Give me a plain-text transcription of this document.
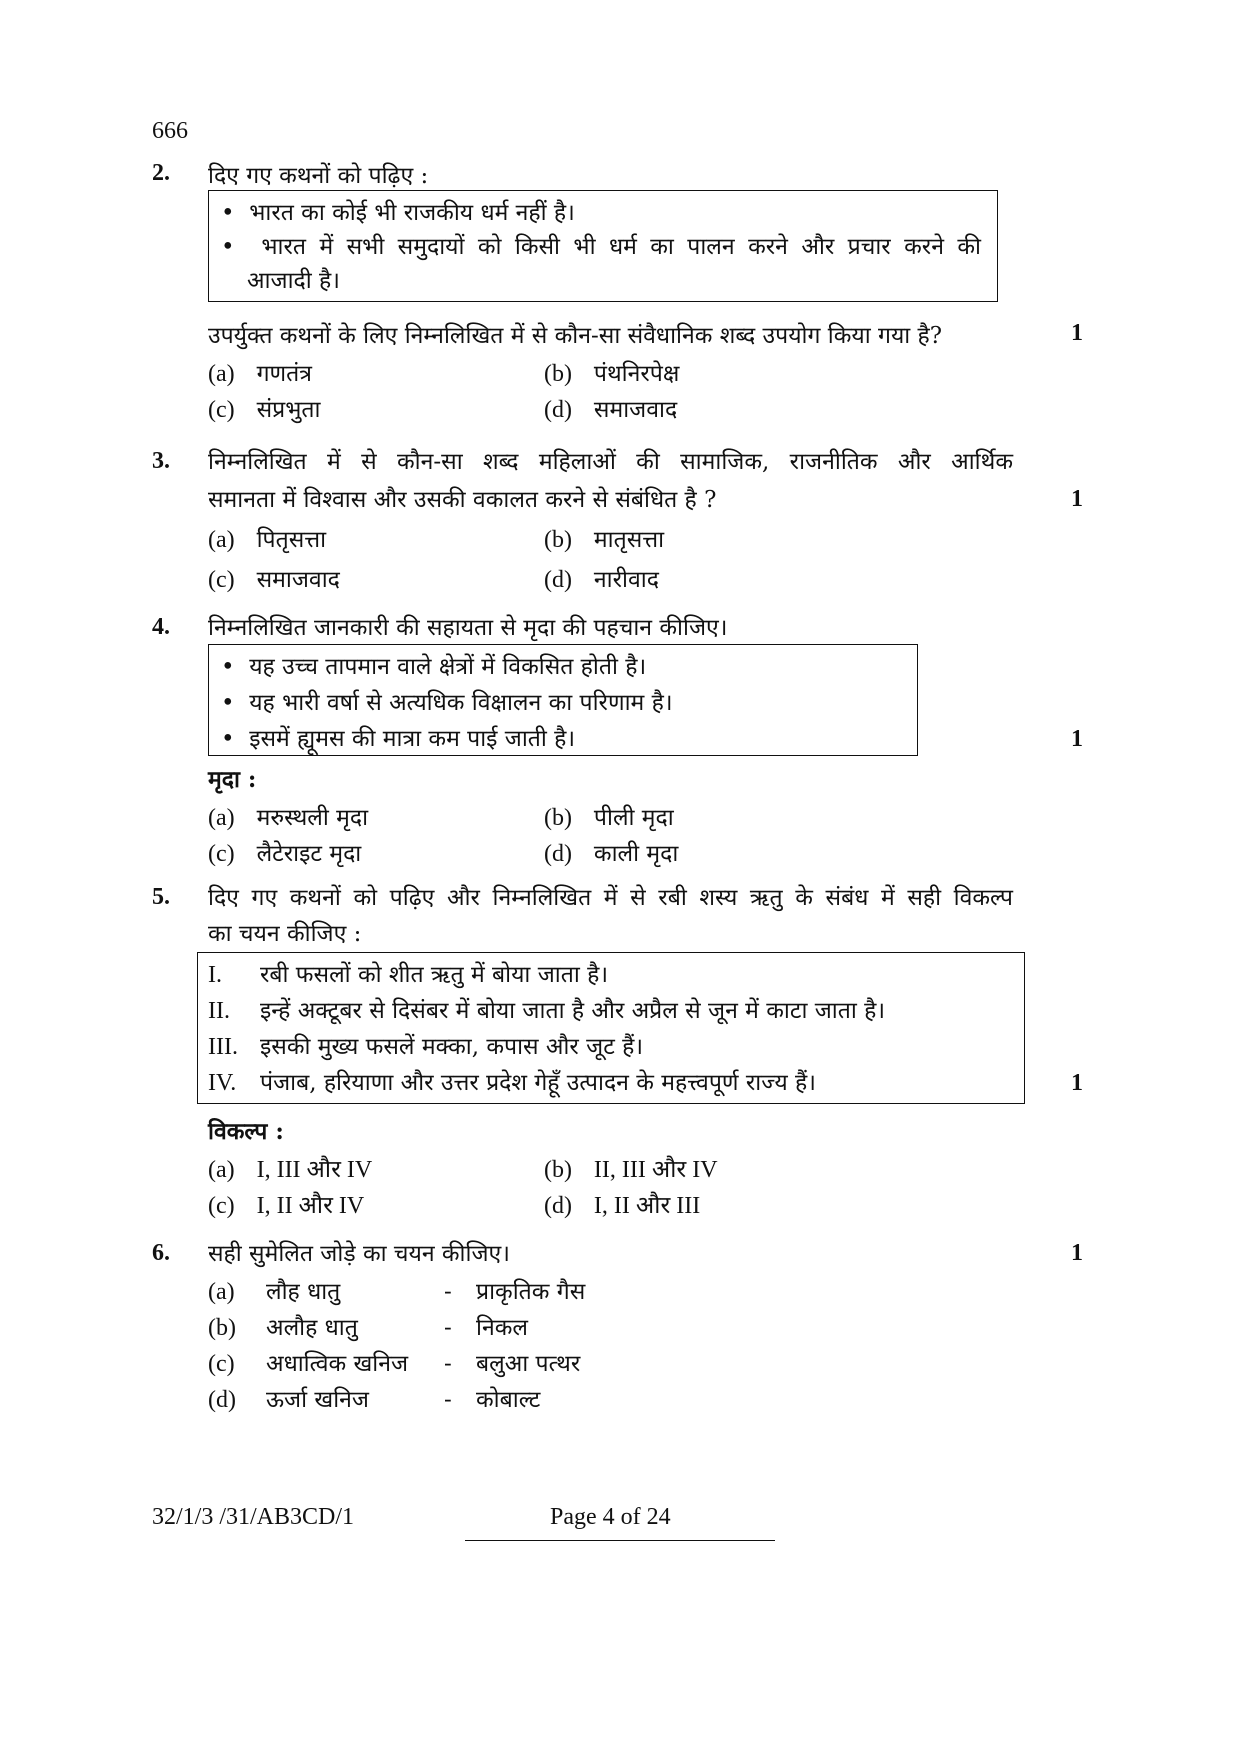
666
2. दिए गए कथनों को पढ़िए :
•  भारत का कोई भी राजकीय धर्म नहीं है।
•  भारत में सभी समुदायों को किसी भी धर्म का पालन करने और प्रचार करने की
आजादी है।
उपर्युक्त कथनों के लिए निम्नलिखित में से कौन-सा संवैधानिक शब्द उपयोग किया गया है?	1
(a) गणतंत्र	(b) पंथनिरपेक्ष
(c) संप्रभुता	(d) समाजवाद
3. निम्नलिखित में से कौन-सा शब्द महिलाओं की सामाजिक, राजनीतिक और आर्थिक
समानता में विश्वास और उसकी वकालत करने से संबंधित है ?	1
(a) पितृसत्ता	(b) मातृसत्ता
(c) समाजवाद	(d) नारीवाद
4. निम्नलिखित जानकारी की सहायता से मृदा की पहचान कीजिए।
•  यह उच्च तापमान वाले क्षेत्रों में विकसित होती है।
•  यह भारी वर्षा से अत्यधिक विक्षालन का परिणाम है।
•  इसमें ह्यूमस की मात्रा कम पाई जाती है।	1
मृदा :
(a) मरुस्थली मृदा	(b) पीली मृदा
(c) लैटेराइट मृदा	(d) काली मृदा
5. दिए गए कथनों को पढ़िए और निम्नलिखित में से रबी शस्य ऋतु के संबंध में सही विकल्प
का चयन कीजिए :
I. रबी फसलों को शीत ऋतु में बोया जाता है।
II. इन्हें अक्टूबर से दिसंबर में बोया जाता है और अप्रैल से जून में काटा जाता है।
III. इसकी मुख्य फसलें मक्का, कपास और जूट हैं।
IV. पंजाब, हरियाणा और उत्तर प्रदेश गेहूँ उत्पादन के महत्त्वपूर्ण राज्य हैं।	1
विकल्प :
(a) I, III और IV	(b) II, III और IV
(c) I, II और IV	(d) I, II और III
6. सही सुमेलित जोड़े का चयन कीजिए।	1
(a) लौह धातु	- प्राकृतिक गैस
(b) अलौह धातु	- निकल
(c) अधात्विक खनिज - बलुआ पत्थर
(d) ऊर्जा खनिज	- कोबाल्ट
32/1/3 /31/AB3CD/1	Page 4 of 24
